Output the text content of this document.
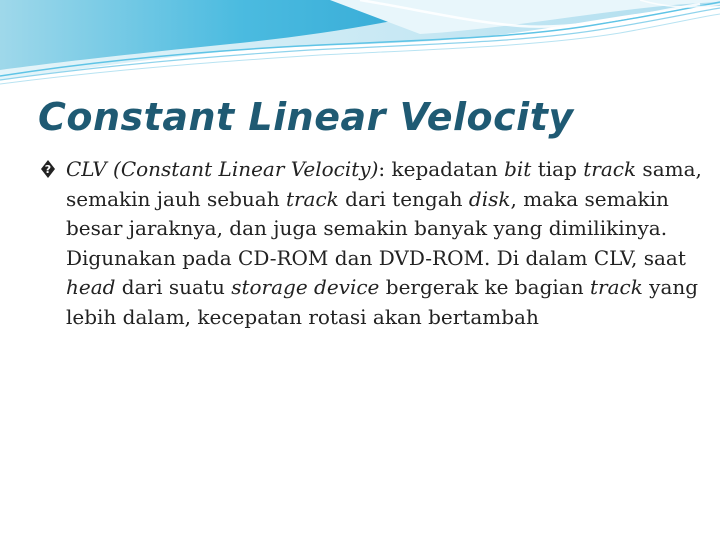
Constant Linear Velocity
? CLV (Constant Linear Velocity): kepadatan bit tiap track sama, semakin jauh sebuah track dari tengah disk, maka semakin besar jaraknya, dan juga semakin banyak yang dimilikinya. Digunakan pada CD-ROM dan DVD-ROM. Di dalam CLV, saat head dari suatu storage device bergerak ke bagian track yang lebih dalam, kecepatan rotasi akan bertambah
